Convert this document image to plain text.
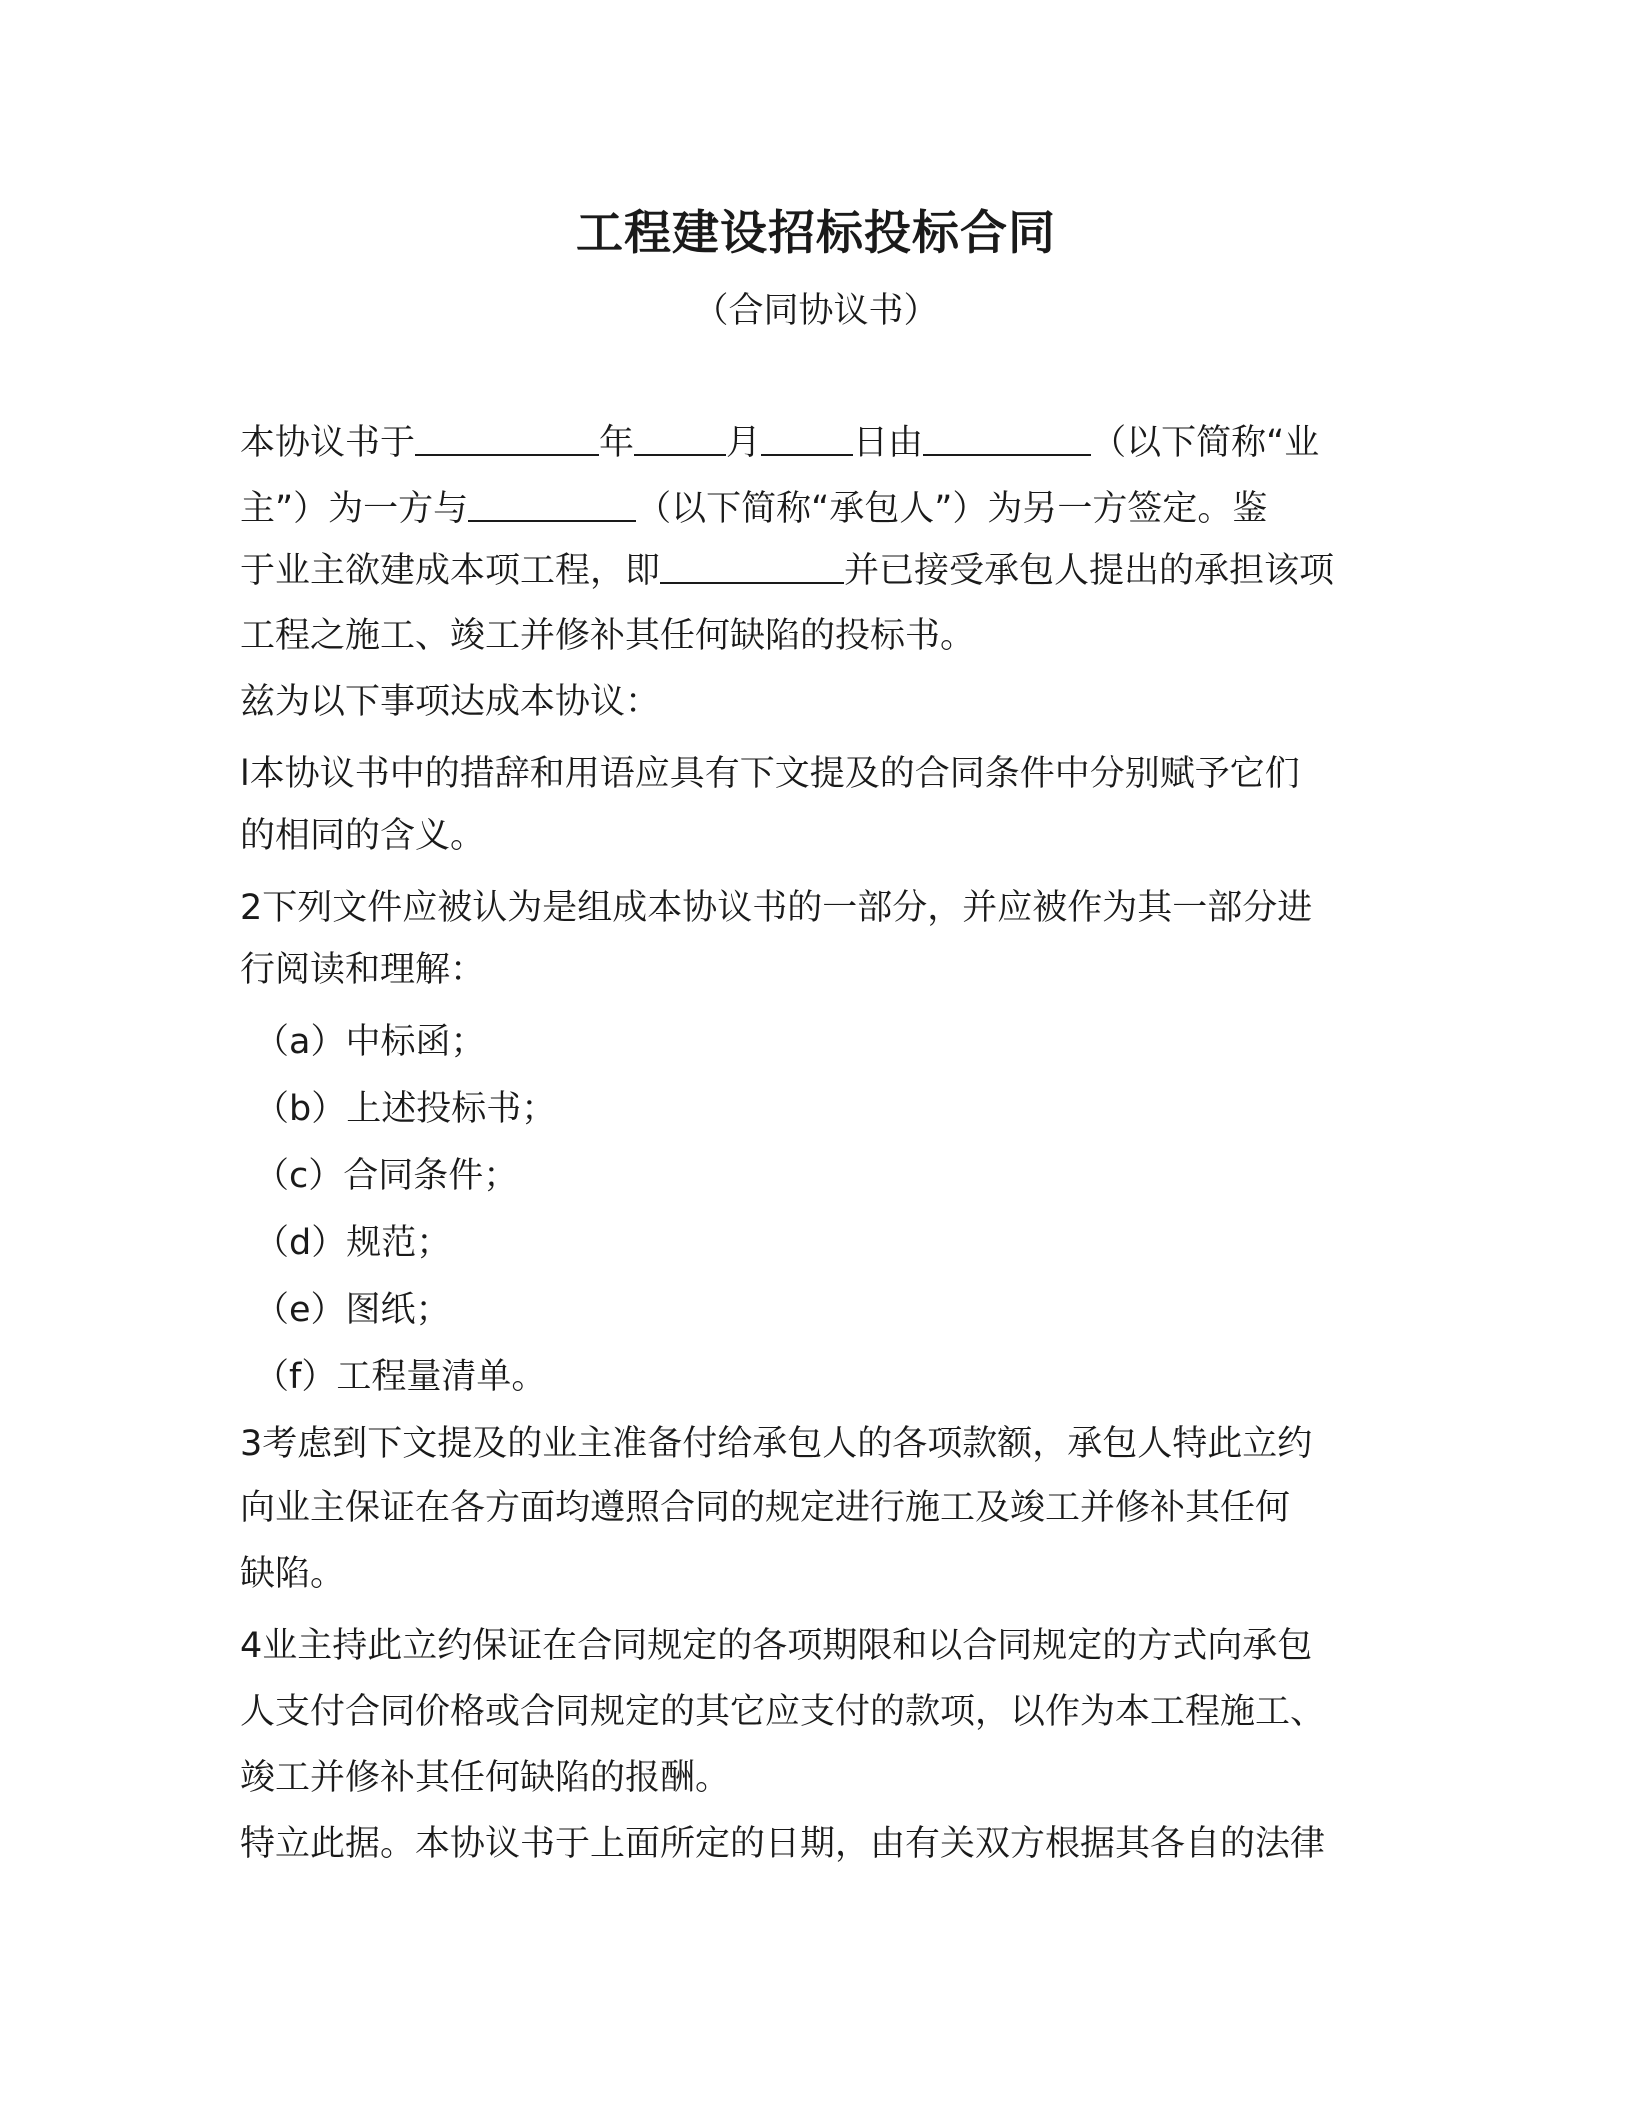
工程建设招标投标合同
（合同协议书）
本协议书于	年	月	日由	（以下简称“业
主”）为一方与	（以下简称“承包人”）为另一方签定。鉴
于业主欲建成本项工程，即	并已接受承包人提出的承担该项
工程之施工、竣工并修补其任何缺陷的投标书。
兹为以下事项达成本协议：
l本协议书中的措辞和用语应具有下文提及的合同条件中分别赋予它们
的相同的含义。
2下列文件应被认为是组成本协议书的一部分，并应被作为其一部分进
行阅读和理解：
（a）中标函；
（b）上述投标书；
（c）合同条件；
（d）规范；
（e）图纸；
（f）工程量清单。
3考虑到下文提及的业主准备付给承包人的各项款额，承包人特此立约
向业主保证在各方面均遵照合同的规定进行施工及竣工并修补其任何
缺陷。
4业主持此立约保证在合同规定的各项期限和以合同规定的方式向承包
人支付合同价格或合同规定的其它应支付的款项，以作为本工程施工、
竣工并修补其任何缺陷的报酬。
特立此据。本协议书于上面所定的日期，由有关双方根据其各自的法律
